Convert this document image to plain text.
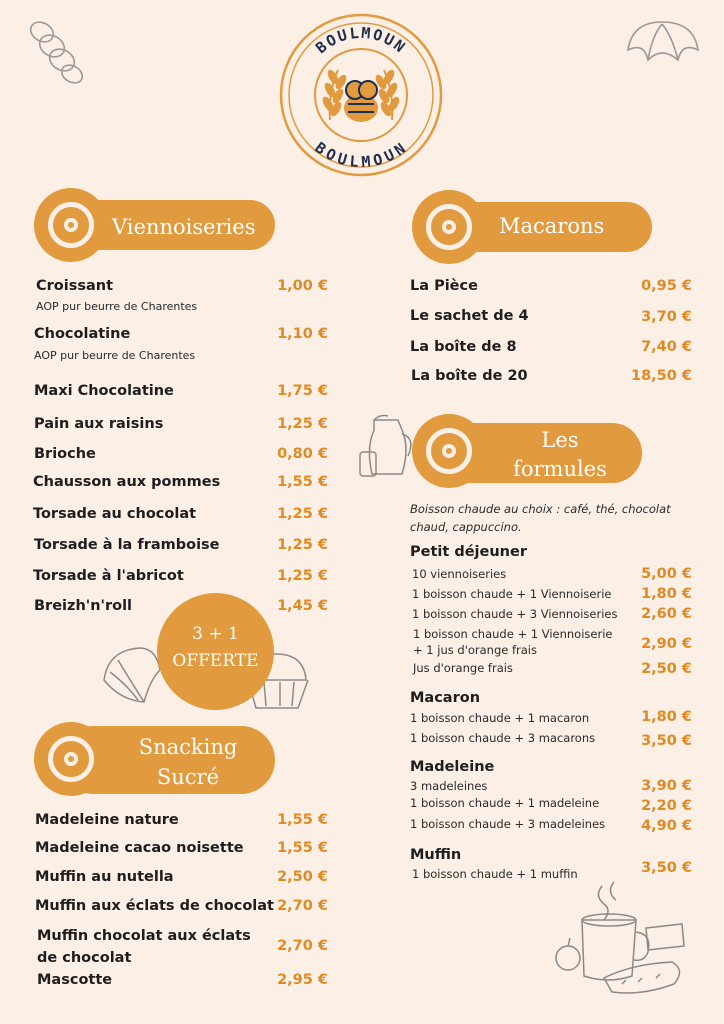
BOULMOUN
BOULMOUN
Viennoiseries
Croissant
AOP pur beurre de Charentes
1,00 €
Chocolatine
AOP pur beurre de Charentes
1,10 €
Maxi Chocolatine	1,75 €
Pain aux raisins	1,25 €
Brioche	0,80 €
Chausson aux pommes	1,55 €
Torsade au chocolat	1,25 €
Torsade à la framboise	1,25 €
Torsade à l'abricot	1,25 €
Breizh'n'roll	1,45 €
3 + 1
OFFERTE
Snacking
Sucré
Madeleine nature	1,55 €
Madeleine cacao noisette 1,55 €
Muffin au nutella	2,50 €
Muffin aux éclats de chocolat 2,70 €
Muffin chocolat aux éclats
de chocolat
2,70 €
Mascotte	2,95 €
Macarons
La Pièce	0,95 €
Le sachet de 4	3,70 €
La boîte de 8	7,40 €
La boîte de 20	18,50 €
Les
formules
Boisson chaude au choix : café, thé, chocolat
chaud, cappuccino.
Petit déjeuner
10 viennoiseries	5,00 €
1 boisson chaude + 1 Viennoiserie 1,80 €
1 boisson chaude + 3 Viennoiseries 2,60 €
1 boisson chaude + 1 Viennoiserie
+ 1 jus d'orange frais	2,90 €
Jus d'orange frais	2,50 €
Macaron
1 boisson chaude + 1 macaron	1,80 €
1 boisson chaude + 3 macarons	3,50 €
Madeleine
3 madeleines	3,90 €
1 boisson chaude + 1 madeleine	2,20 €
1 boisson chaude + 3 madeleines 4,90 €
Muffin
1 boisson chaude + 1 muffin	3,50 €
